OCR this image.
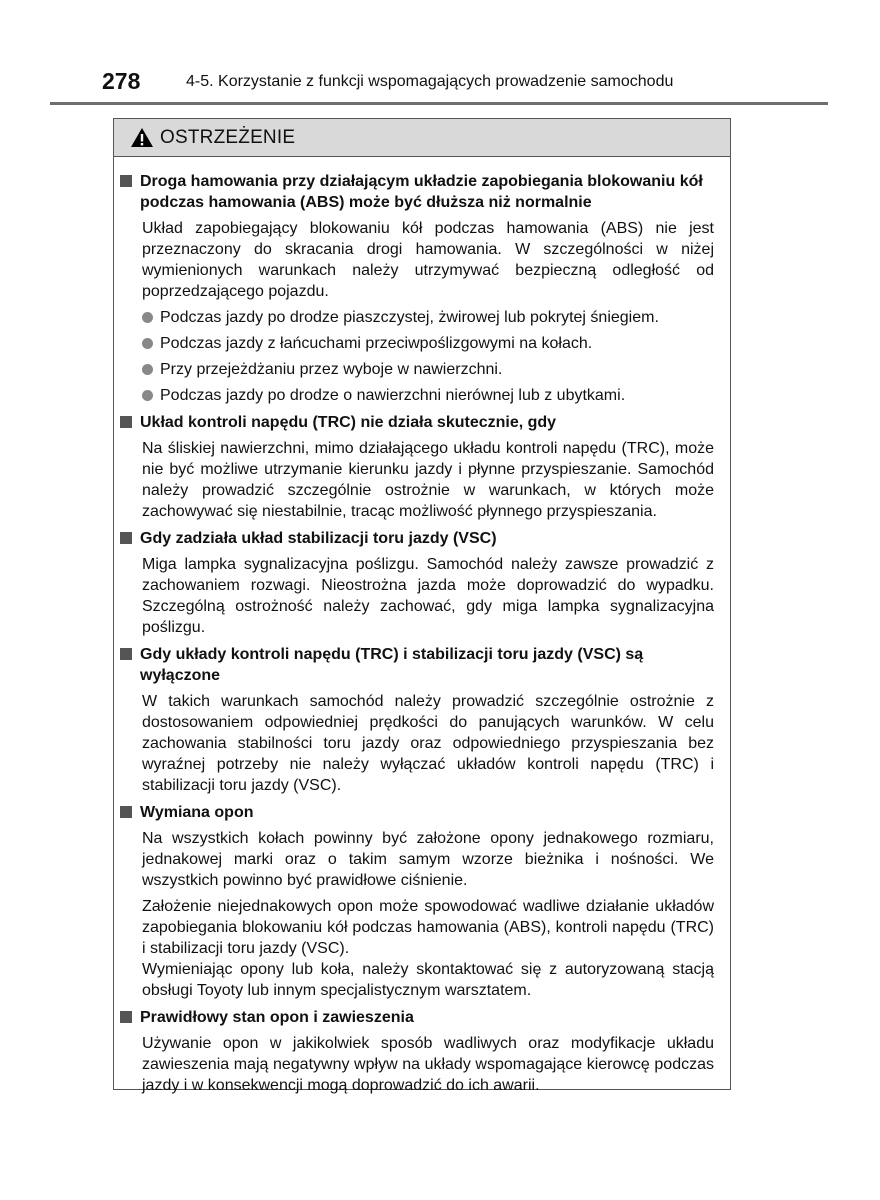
278	4-5. Korzystanie z funkcji wspomagających prowadzenie samochodu
OSTRZEŻENIE
Droga hamowania przy działającym układzie zapobiegania blokowaniu kół podczas hamowania (ABS) może być dłuższa niż normalnie
Układ zapobiegający blokowaniu kół podczas hamowania (ABS) nie jest przeznaczony do skracania drogi hamowania. W szczególności w niżej wymienionych warunkach należy utrzymywać bezpieczną odległość od poprzedzającego pojazdu.
Podczas jazdy po drodze piaszczystej, żwirowej lub pokrytej śniegiem.
Podczas jazdy z łańcuchami przeciwpoślizgowymi na kołach.
Przy przejeżdżaniu przez wyboje w nawierzchni.
Podczas jazdy po drodze o nawierzchni nierównej lub z ubytkami.
Układ kontroli napędu (TRC) nie działa skutecznie, gdy
Na śliskiej nawierzchni, mimo działającego układu kontroli napędu (TRC), może nie być możliwe utrzymanie kierunku jazdy i płynne przyspieszanie. Samochód należy prowadzić szczególnie ostrożnie w warunkach, w których może zachowywać się niestabilnie, tracąc możliwość płynnego przyspieszania.
Gdy zadziała układ stabilizacji toru jazdy (VSC)
Miga lampka sygnalizacyjna poślizgu. Samochód należy zawsze prowadzić z zachowaniem rozwagi. Nieostrożna jazda może doprowadzić do wypadku. Szczególną ostrożność należy zachować, gdy miga lampka sygnalizacyjna poślizgu.
Gdy układy kontroli napędu (TRC) i stabilizacji toru jazdy (VSC) są wyłączone
W takich warunkach samochód należy prowadzić szczególnie ostrożnie z dostosowaniem odpowiedniej prędkości do panujących warunków. W celu zachowania stabilności toru jazdy oraz odpowiedniego przyspieszania bez wyraźnej potrzeby nie należy wyłączać układów kontroli napędu (TRC) i stabilizacji toru jazdy (VSC).
Wymiana opon
Na wszystkich kołach powinny być założone opony jednakowego rozmiaru, jednakowej marki oraz o takim samym wzorze bieżnika i nośności. We wszystkich powinno być prawidłowe ciśnienie.
Założenie niejednakowych opon może spowodować wadliwe działanie układów zapobiegania blokowaniu kół podczas hamowania (ABS), kontroli napędu (TRC) i stabilizacji toru jazdy (VSC).
Wymieniając opony lub koła, należy skontaktować się z autoryzowaną stacją obsługi Toyoty lub innym specjalistycznym warsztatem.
Prawidłowy stan opon i zawieszenia
Używanie opon w jakikolwiek sposób wadliwych oraz modyfikacje układu zawieszenia mają negatywny wpływ na układy wspomagające kierowcę podczas jazdy i w konsekwencji mogą doprowadzić do ich awarii.
